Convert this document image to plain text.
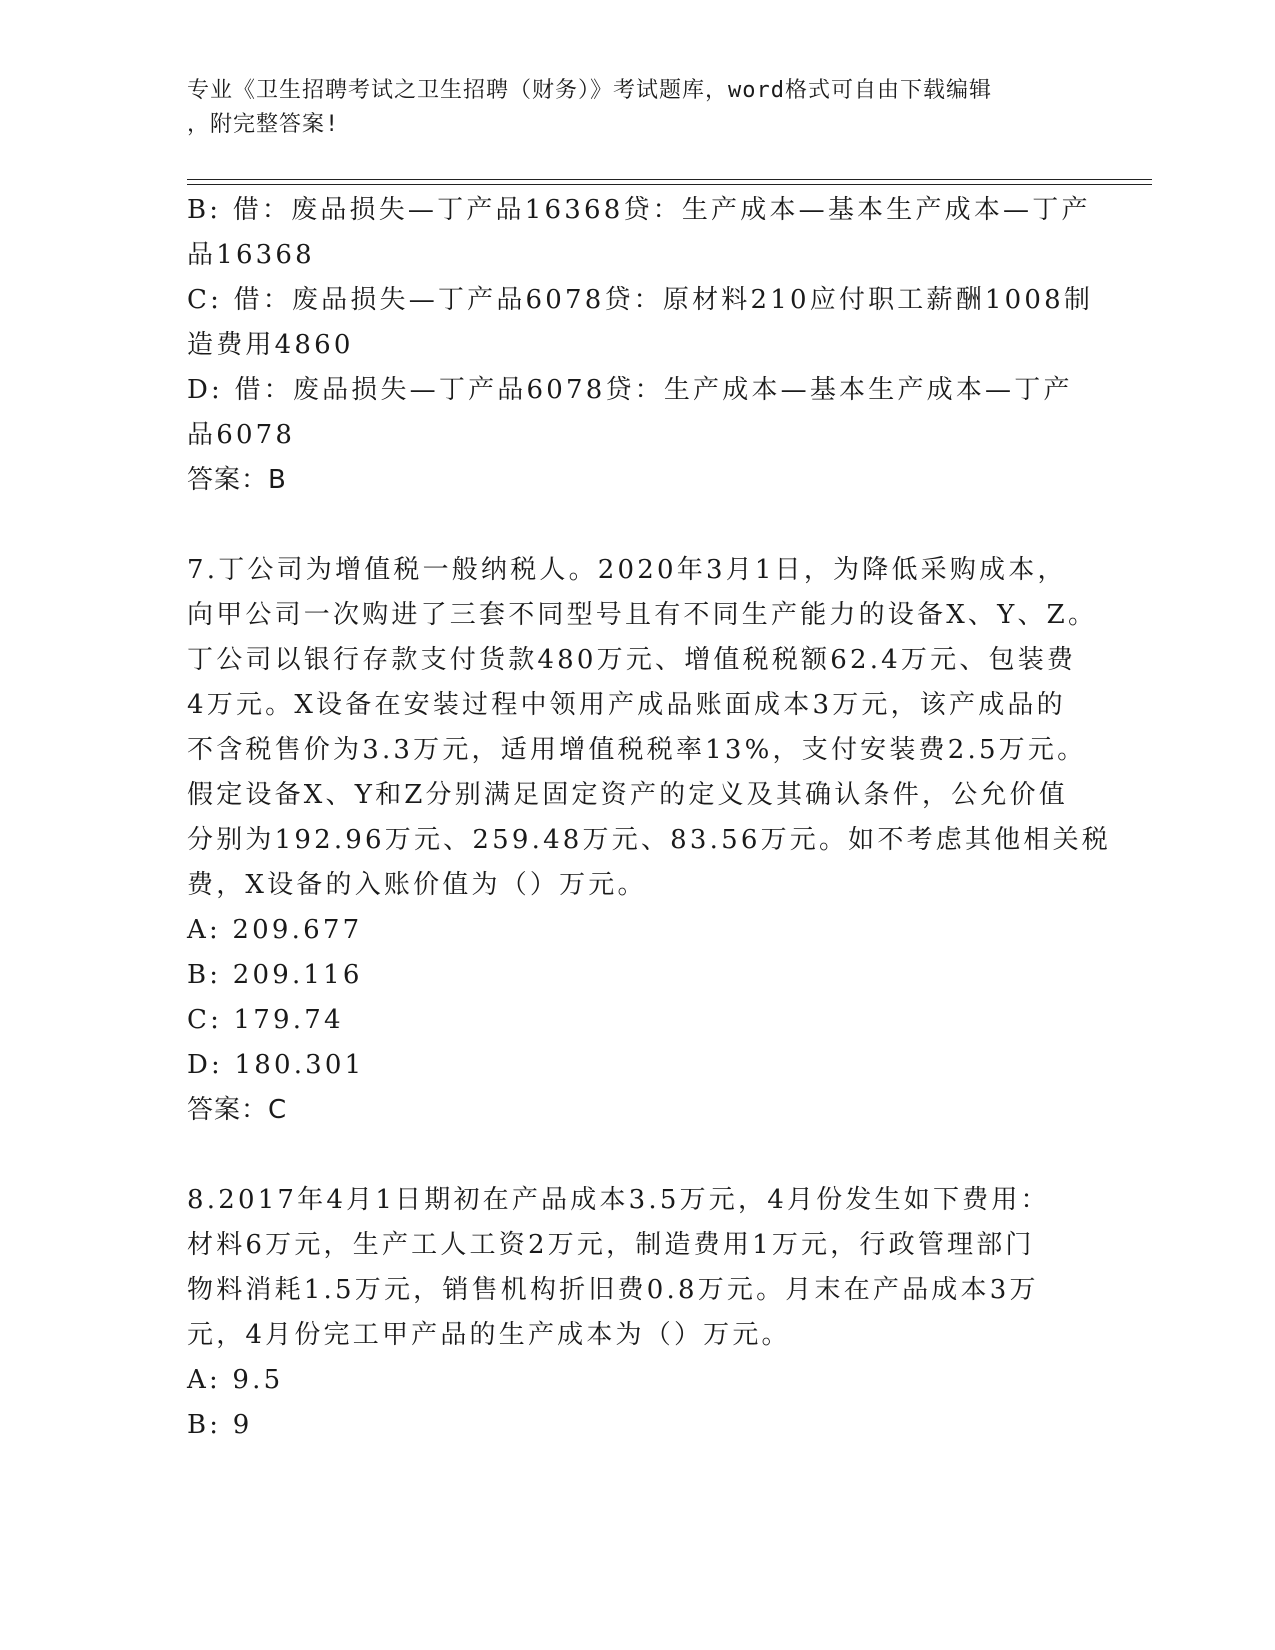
专业《卫生招聘考试之卫生招聘（财务）》考试题库，word格式可自由下载编辑
，附完整答案!
B: 借：废品损失—丁产品16368贷：生产成本—基本生产成本—丁产
品16368
C: 借：废品损失—丁产品6078贷：原材料210应付职工薪酬1008制
造费用4860
D: 借：废品损失—丁产品6078贷：生产成本—基本生产成本—丁产
品6078
答案：B
7.丁公司为增值税一般纳税人。2020年3月1日，为降低采购成本，
向甲公司一次购进了三套不同型号且有不同生产能力的设备X、Y、Z。
丁公司以银行存款支付货款480万元、增值税税额62.4万元、包装费
4万元。X设备在安装过程中领用产成品账面成本3万元，该产成品的
不含税售价为3.3万元，适用增值税税率13%，支付安装费2.5万元。
假定设备X、Y和Z分别满足固定资产的定义及其确认条件，公允价值
分别为192.96万元、259.48万元、83.56万元。如不考虑其他相关税
费，X设备的入账价值为（）万元。
A: 209.677
B: 209.116
C: 179.74
D: 180.301
答案：C
8.2017年4月1日期初在产品成本3.5万元，4月份发生如下费用：
材料6万元，生产工人工资2万元，制造费用1万元，行政管理部门
物料消耗1.5万元，销售机构折旧费0.8万元。月末在产品成本3万
元，4月份完工甲产品的生产成本为（）万元。
A: 9.5
B: 9
